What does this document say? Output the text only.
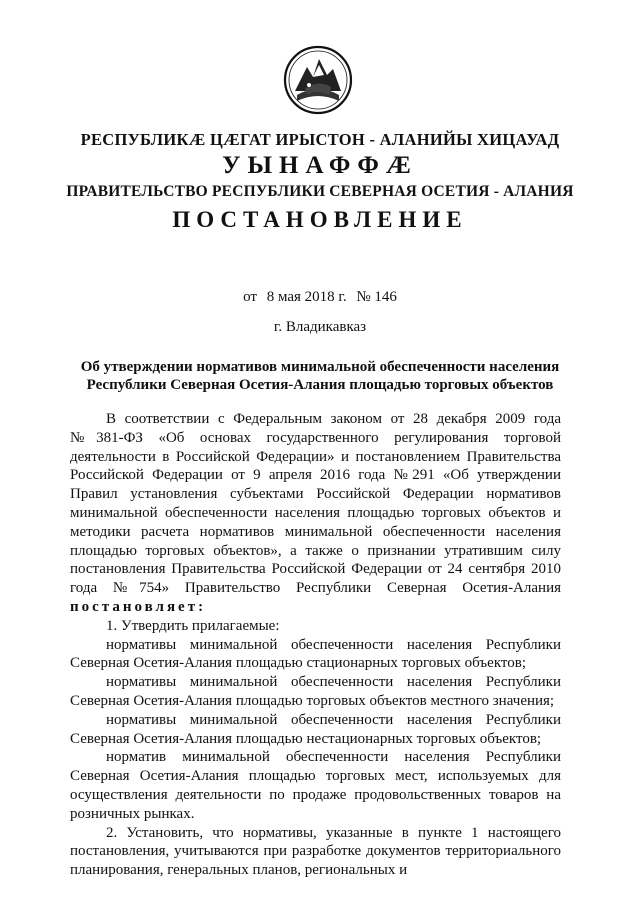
РЕСПУБЛИКӔ ЦӔГАТ ИРЫСТОН - АЛАНИЙЫ ХИЦАУАД
УЫНАФФӔ
ПРАВИТЕЛЬСТВО РЕСПУБЛИКИ СЕВЕРНАЯ ОСЕТИЯ - АЛАНИЯ
ПОСТАНОВЛЕНИЕ
от 8 мая 2018 г. № 146
г. Владикавказ
Об утверждении нормативов минимальной обеспеченности населения
Республики Северная Осетия-Алания площадью торговых объектов

В соответствии с Федеральным законом от 28 декабря 2009 года №381-ФЗ «Об основах государственного регулирования торговой деятельности в Российской Федерации» и постановлением Правительства Российской Федерации от 9 апреля 2016 года №291 «Об утверждении Правил установления субъектами Российской Федерации нормативов минимальной обеспеченности населения площадью торговых объектов и методики расчета нормативов минимальной обеспеченности населения площадью торговых объектов», а также о признании утратившим силу постановления Правительства Российской Федерации от 24 сентября 2010 года №754» Правительство Республики Северная Осетия-Алания постановляет:

1. Утвердить прилагаемые:

нормативы минимальной обеспеченности населения Республики Северная Осетия-Алания площадью стационарных торговых объектов;

нормативы минимальной обеспеченности населения Республики Северная Осетия-Алания площадью торговых объектов местного значения;

нормативы минимальной обеспеченности населения Республики Северная Осетия-Алания площадью нестационарных торговых объектов;

норматив минимальной обеспеченности населения Республики Северная Осетия-Алания площадью торговых мест, используемых для осуществления деятельности по продаже продовольственных товаров на розничных рынках.

2. Установить, что нормативы, указанные в пункте 1 настоящего постановления, учитываются при разработке документов территориального планирования, генеральных планов, региональных и
